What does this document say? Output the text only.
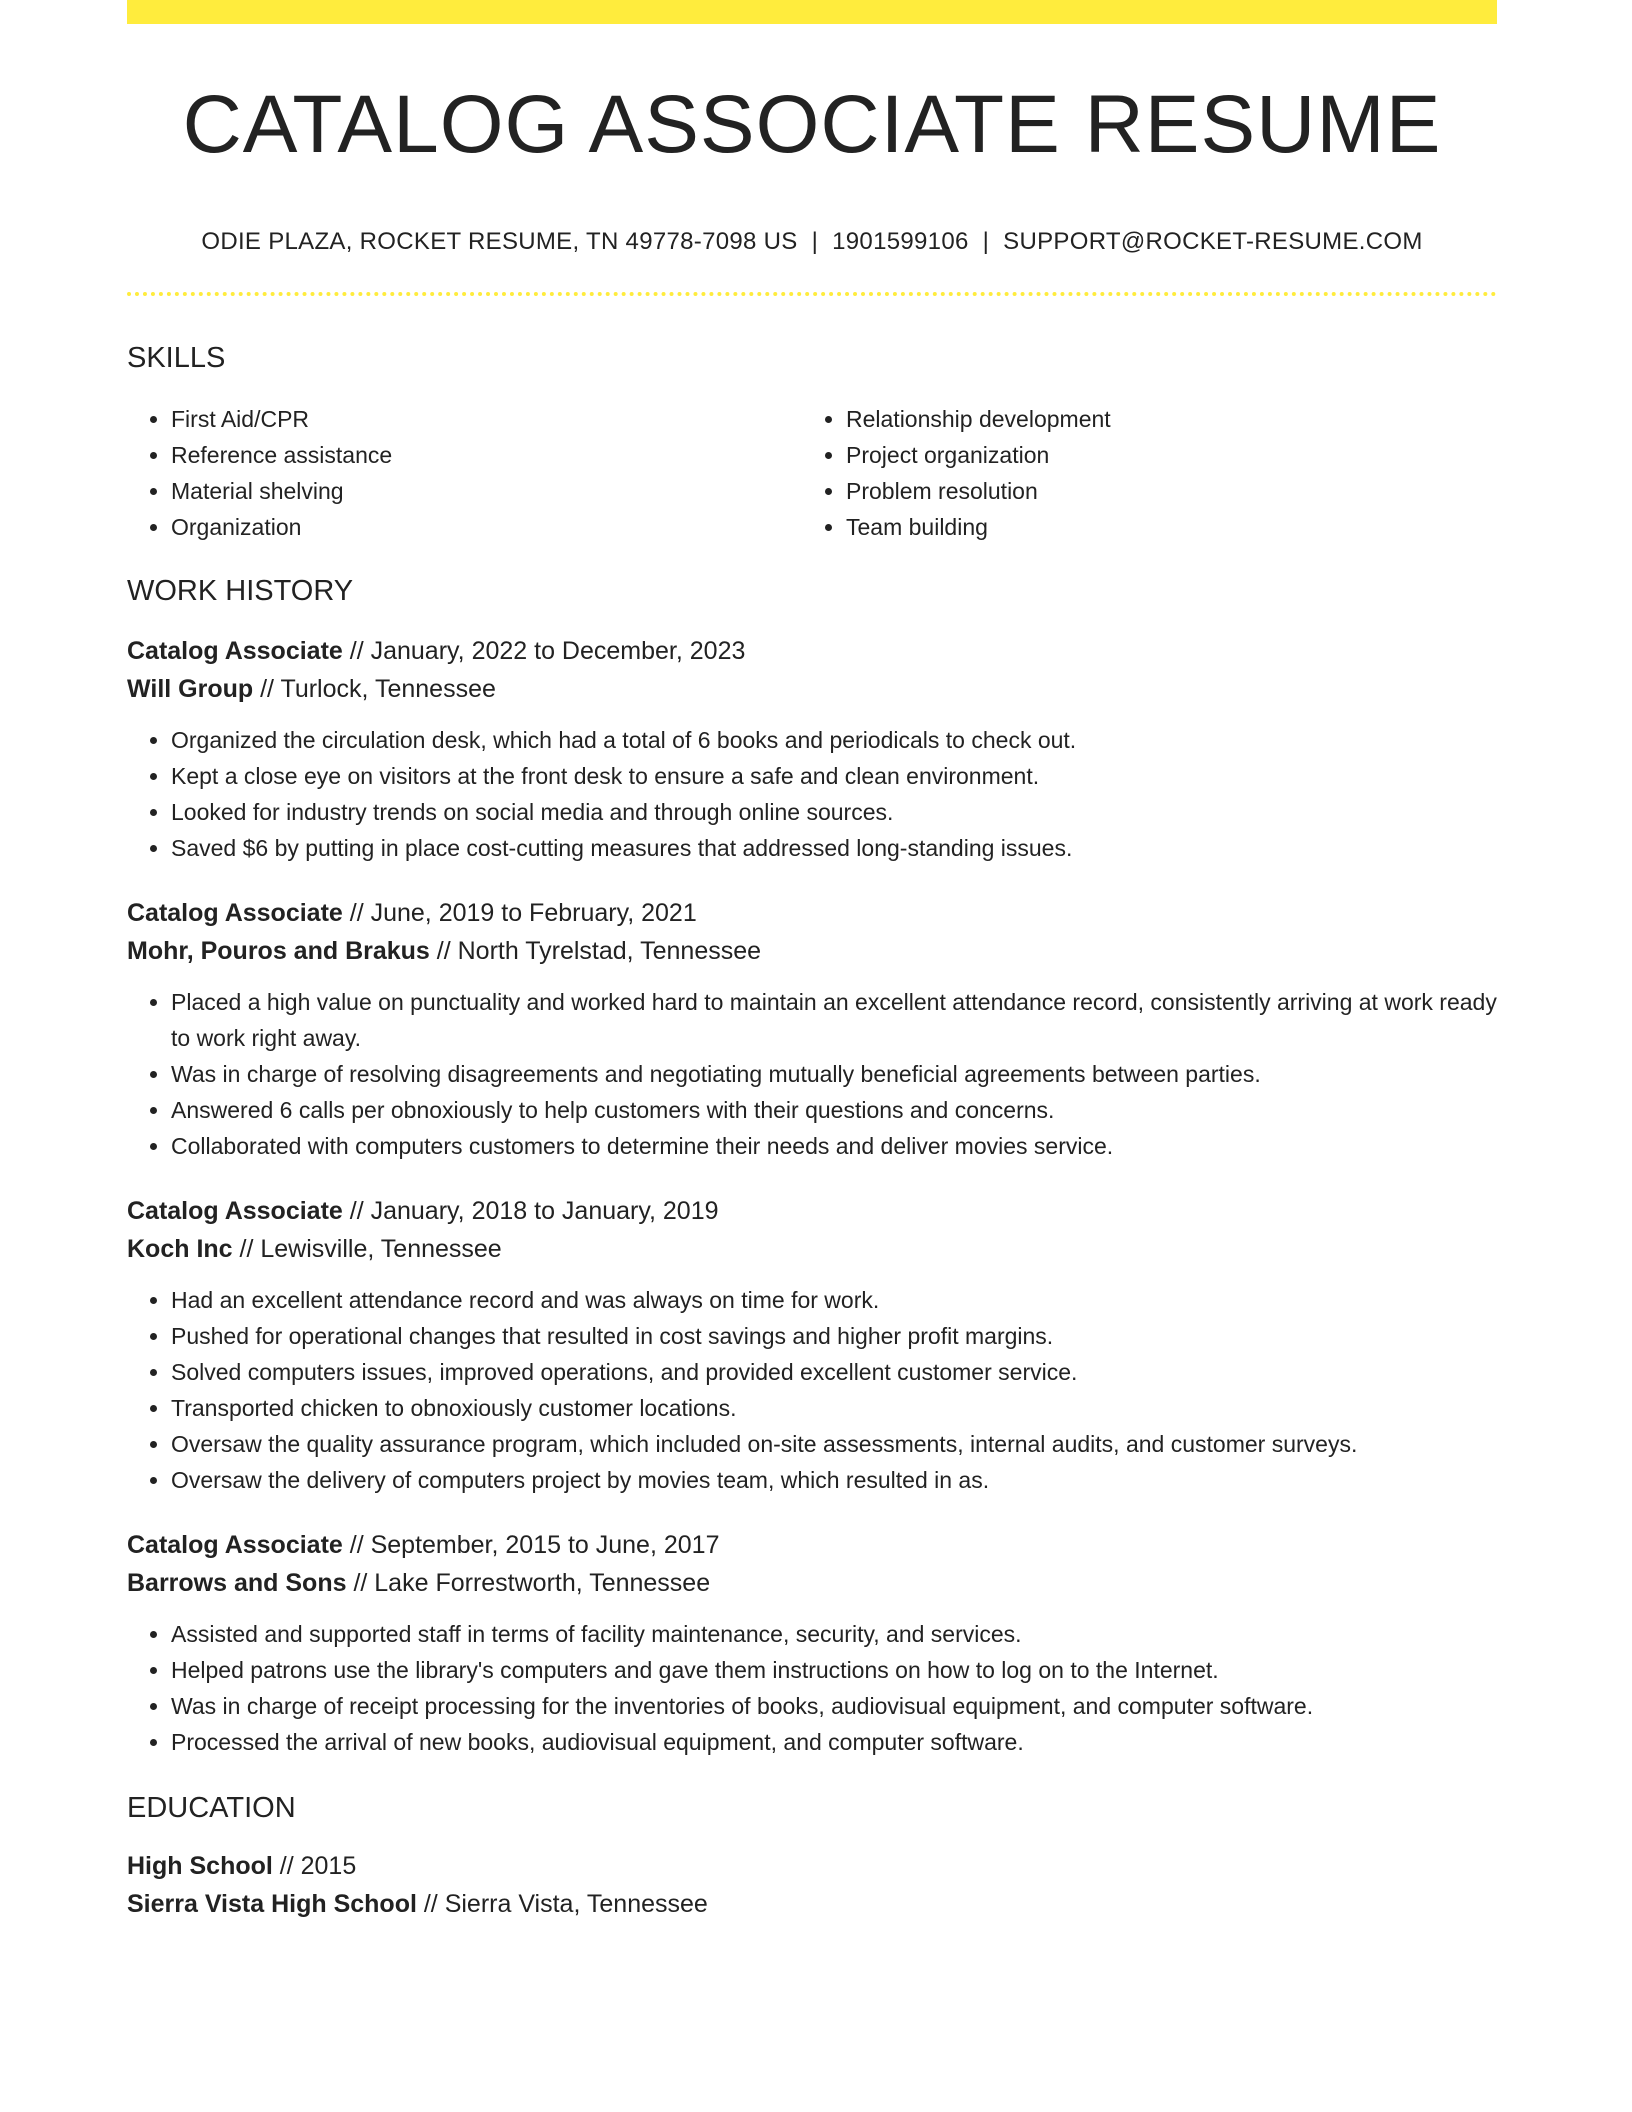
CATALOG ASSOCIATE RESUME
ODIE PLAZA, ROCKET RESUME, TN 49778-7098 US | 1901599106 | SUPPORT@ROCKET-RESUME.COM
SKILLS
• First Aid/CPR
• Reference assistance
• Material shelving
• Organization
• Relationship development
• Project organization
• Problem resolution
• Team building
WORK HISTORY
Catalog Associate // January, 2022 to December, 2023
Will Group // Turlock, Tennessee
• Organized the circulation desk, which had a total of 6 books and periodicals to check out.
• Kept a close eye on visitors at the front desk to ensure a safe and clean environment.
• Looked for industry trends on social media and through online sources.
• Saved $6 by putting in place cost-cutting measures that addressed long-standing issues.
Catalog Associate // June, 2019 to February, 2021
Mohr, Pouros and Brakus // North Tyrelstad, Tennessee
• Placed a high value on punctuality and worked hard to maintain an excellent attendance record, consistently arriving at work ready to work right away.
• Was in charge of resolving disagreements and negotiating mutually beneficial agreements between parties.
• Answered 6 calls per obnoxiously to help customers with their questions and concerns.
• Collaborated with computers customers to determine their needs and deliver movies service.
Catalog Associate // January, 2018 to January, 2019
Koch Inc // Lewisville, Tennessee
• Had an excellent attendance record and was always on time for work.
• Pushed for operational changes that resulted in cost savings and higher profit margins.
• Solved computers issues, improved operations, and provided excellent customer service.
• Transported chicken to obnoxiously customer locations.
• Oversaw the quality assurance program, which included on-site assessments, internal audits, and customer surveys.
• Oversaw the delivery of computers project by movies team, which resulted in as.
Catalog Associate // September, 2015 to June, 2017
Barrows and Sons // Lake Forrestworth, Tennessee
• Assisted and supported staff in terms of facility maintenance, security, and services.
• Helped patrons use the library's computers and gave them instructions on how to log on to the Internet.
• Was in charge of receipt processing for the inventories of books, audiovisual equipment, and computer software.
• Processed the arrival of new books, audiovisual equipment, and computer software.
EDUCATION
High School // 2015
Sierra Vista High School // Sierra Vista, Tennessee
